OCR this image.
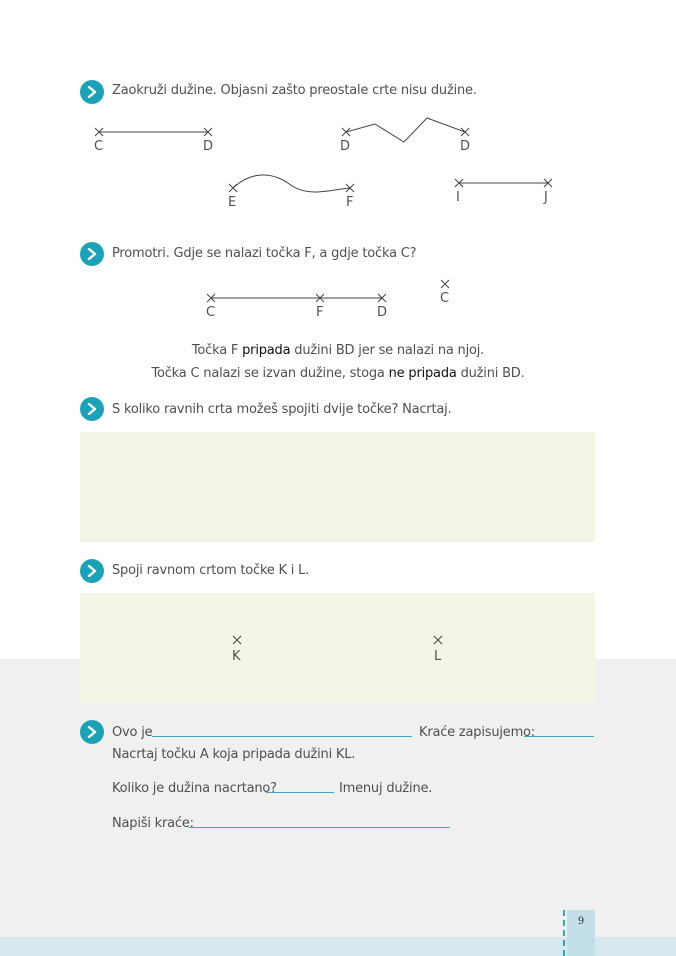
9
Zaokruži dužine. Objasni zašto preostale crte nisu dužine.
C	D	D	D
E	F	I	J
Promotri. Gdje se nalazi točka F, a gdje točka C?
C	F	D
C
Točka F pripada dužini BD jer se nalazi na njoj.
Točka C nalazi se izvan dužine, stoga ne pripada dužini BD.
S koliko ravnih crta možeš spojiti dvije točke? Nacrtaj.
Spoji ravnom crtom točke K i L.
K	L
Ovo je	Kraće zapisujemo:
Nacrtaj točku A koja pripada dužini KL.
Koliko je dužina nacrtano?	Imenuj dužine.
Napiši kraće:
